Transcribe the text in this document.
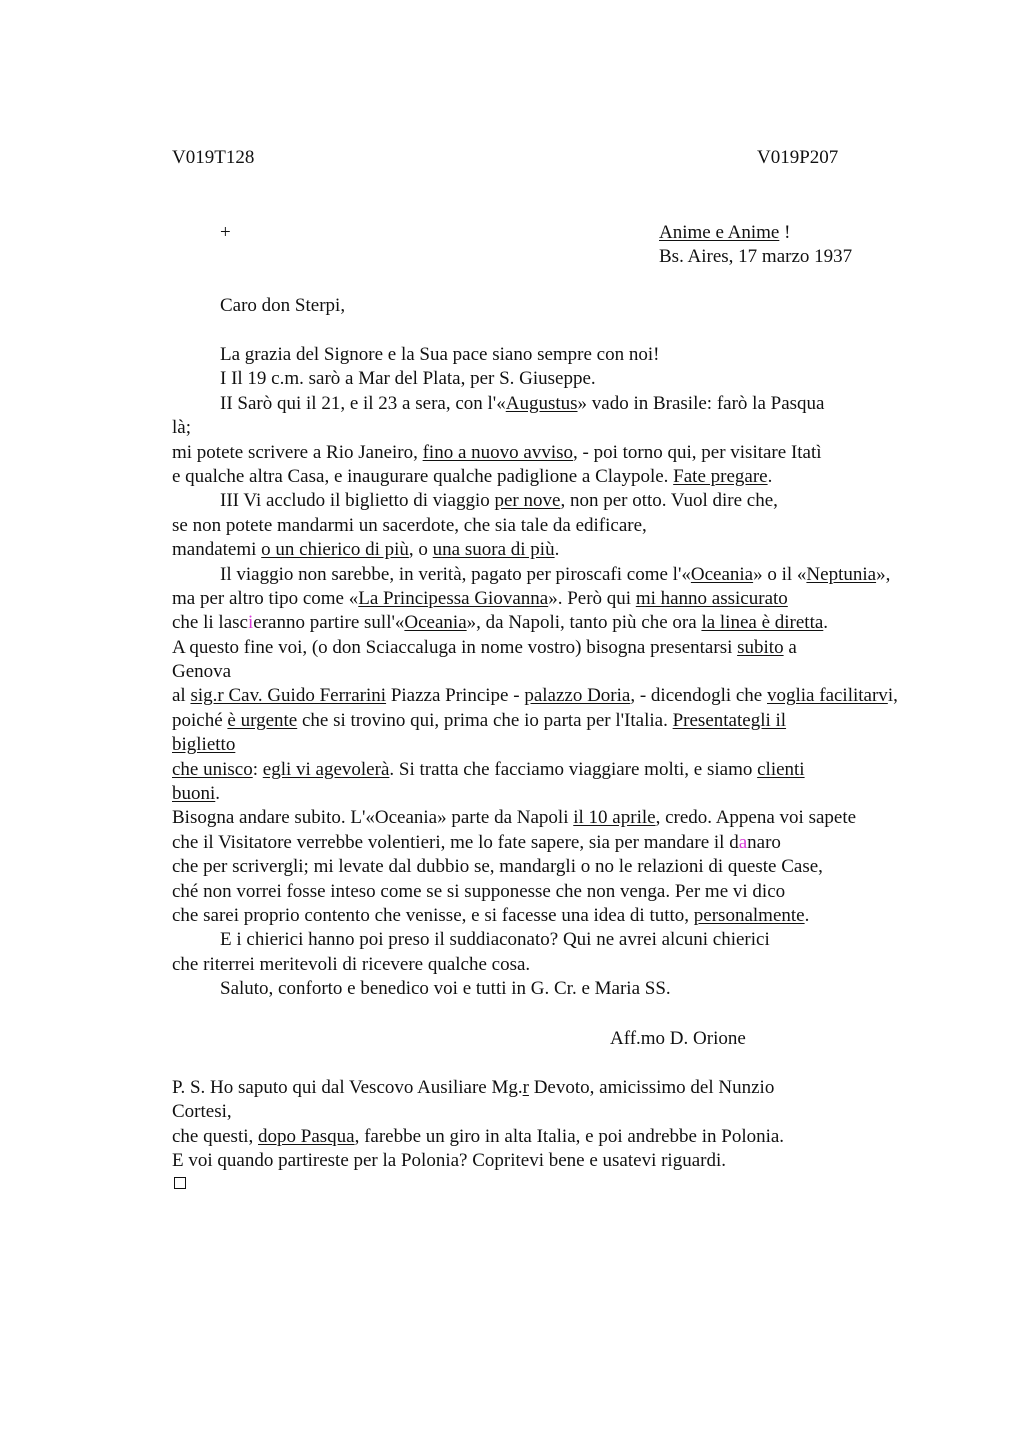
V019T128	V019P207
+	Anime e Anime !
Bs. Aires, 17 marzo 1937
Caro don Sterpi,
La grazia del Signore e la Sua pace siano sempre con noi!
I Il 19 c.m. sarò a Mar del Plata, per S. Giuseppe.
II Sarò qui il 21, e il 23 a sera, con l'«Augustus» vado in Brasile: farò la Pasqua
là;
mi potete scrivere a Rio Janeiro, fino a nuovo avviso, - poi torno qui, per visitare Itatì
e qualche altra Casa, e inaugurare qualche padiglione a Claypole. Fate pregare.
III Vi accludo il biglietto di viaggio per nove, non per otto. Vuol dire che,
se non potete mandarmi un sacerdote, che sia tale da edificare,
mandatemi o un chierico di più, o una suora di più.
Il viaggio non sarebbe, in verità, pagato per piroscafi come l'«Oceania» o il «Neptunia»,
ma per altro tipo come «La Principessa Giovanna». Però qui mi hanno assicurato
che li lascieranno partire sull'«Oceania», da Napoli, tanto più che ora la linea è diretta.
A questo fine voi, (o don Sciaccaluga in nome vostro) bisogna presentarsi subito a
Genova
al sig.r Cav. Guido Ferrarini Piazza Principe - palazzo Doria, - dicendogli che voglia facilitarvi,
poiché è urgente che si trovino qui, prima che io parta per l'Italia. Presentategli il
biglietto
che unisco: egli vi agevolerà. Si tratta che facciamo viaggiare molti, e siamo clienti
buoni.
Bisogna andare subito. L'«Oceania» parte da Napoli il 10 aprile, credo. Appena voi sapete
che il Visitatore verrebbe volentieri, me lo fate sapere, sia per mandare il danaro
che per scrivergli; mi levate dal dubbio se, mandargli o no le relazioni di queste Case,
ché non vorrei fosse inteso come se si supponesse che non venga. Per me vi dico
che sarei proprio contento che venisse, e si facesse una idea di tutto, personalmente.
E i chierici hanno poi preso il suddiaconato? Qui ne avrei alcuni chierici
che riterrei meritevoli di ricevere qualche cosa.
Saluto, conforto e benedico voi e tutti in G. Cr. e Maria SS.
Aff.mo D. Orione
P. S. Ho saputo qui dal Vescovo Ausiliare Mg.r Devoto, amicissimo del Nunzio
Cortesi,
che questi, dopo Pasqua, farebbe un giro in alta Italia, e poi andrebbe in Polonia.
E voi quando partireste per la Polonia? Copritevi bene e usatevi riguardi.
